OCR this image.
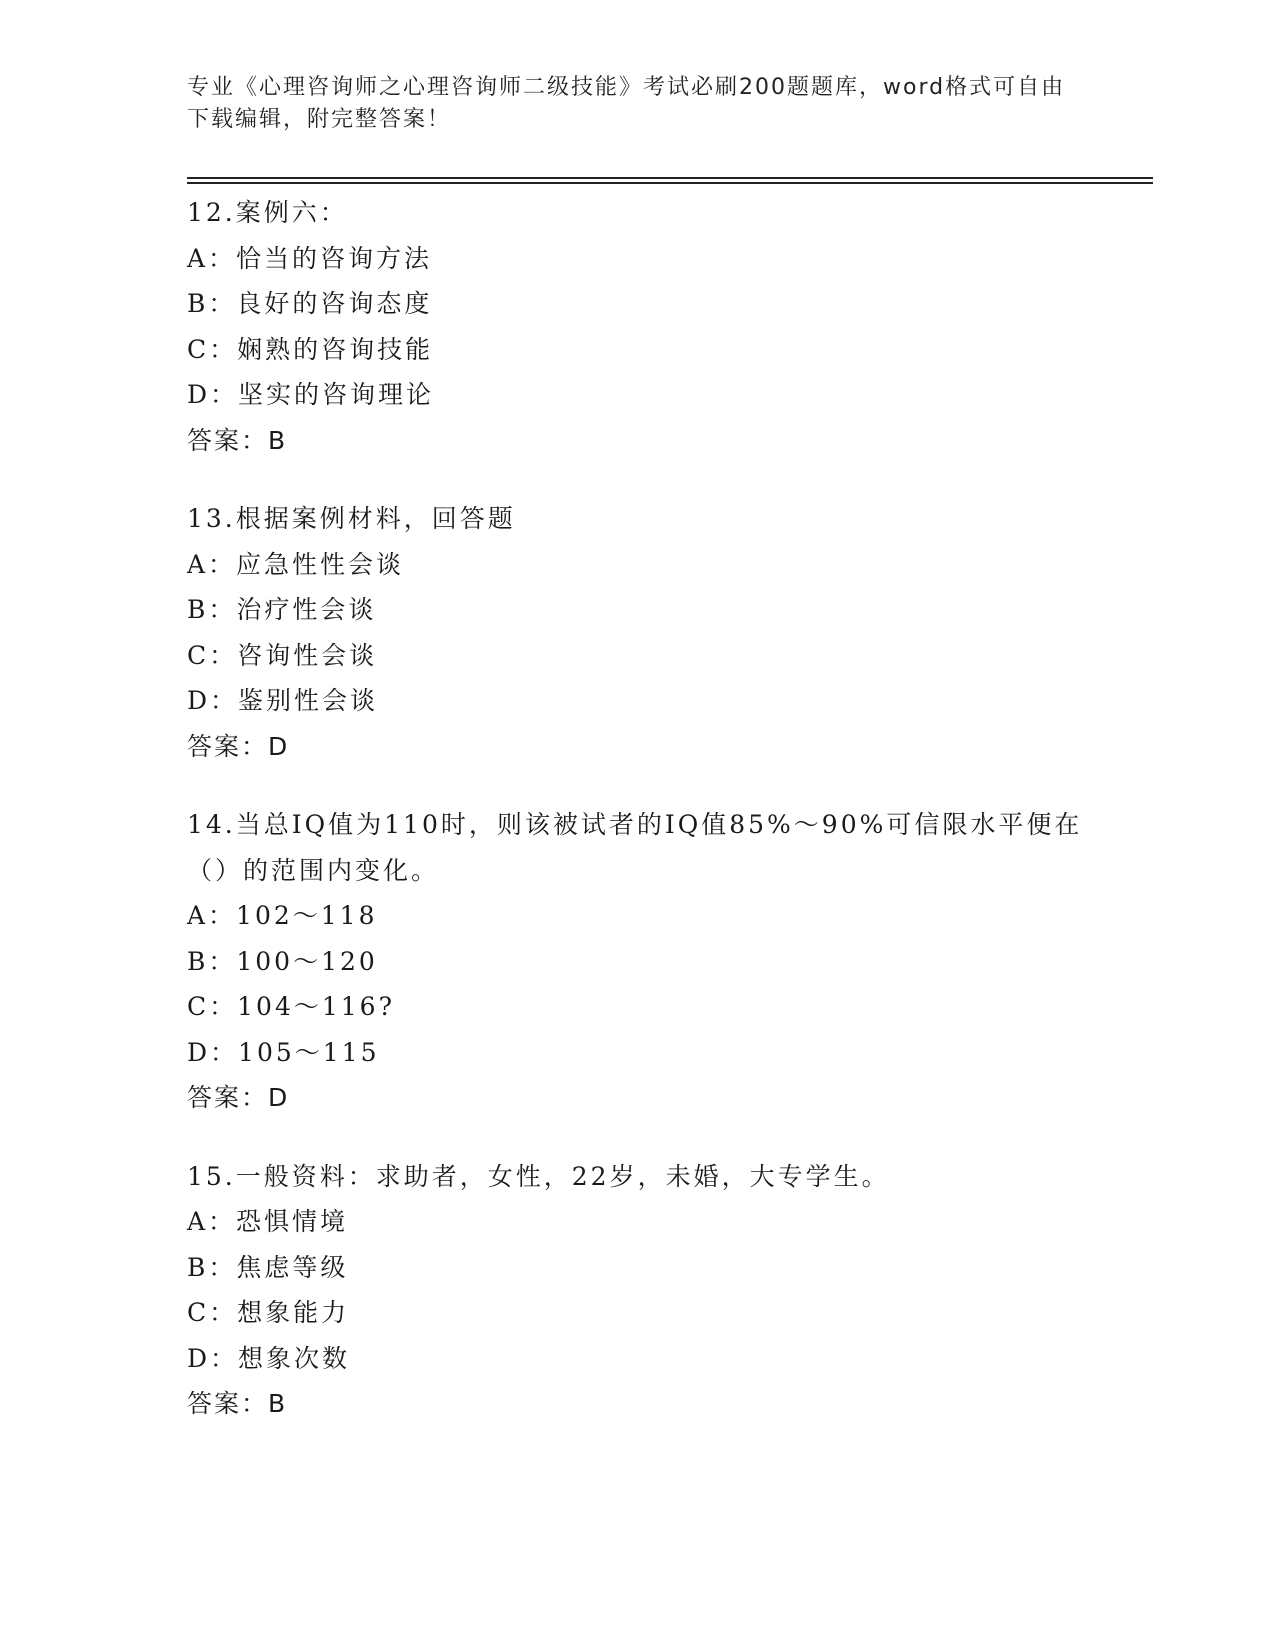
专业《心理咨询师之心理咨询师二级技能》考试必刷200题题库，word格式可自由下载编辑，附完整答案！
12.案例六：
A：恰当的咨询方法
B：良好的咨询态度
C：娴熟的咨询技能
D：坚实的咨询理论
答案：B
13.根据案例材料，回答题
A：应急性性会谈
B：治疗性会谈
C：咨询性会谈
D：鉴别性会谈
答案：D
14.当总IQ值为110时，则该被试者的IQ值85%～90%可信限水平便在（）的范围内变化。
A：102～118
B：100～120
C：104～116?
D：105～115
答案：D
15.一般资料：求助者，女性，22岁，未婚，大专学生。
A：恐惧情境
B：焦虑等级
C：想象能力
D：想象次数
答案：B
